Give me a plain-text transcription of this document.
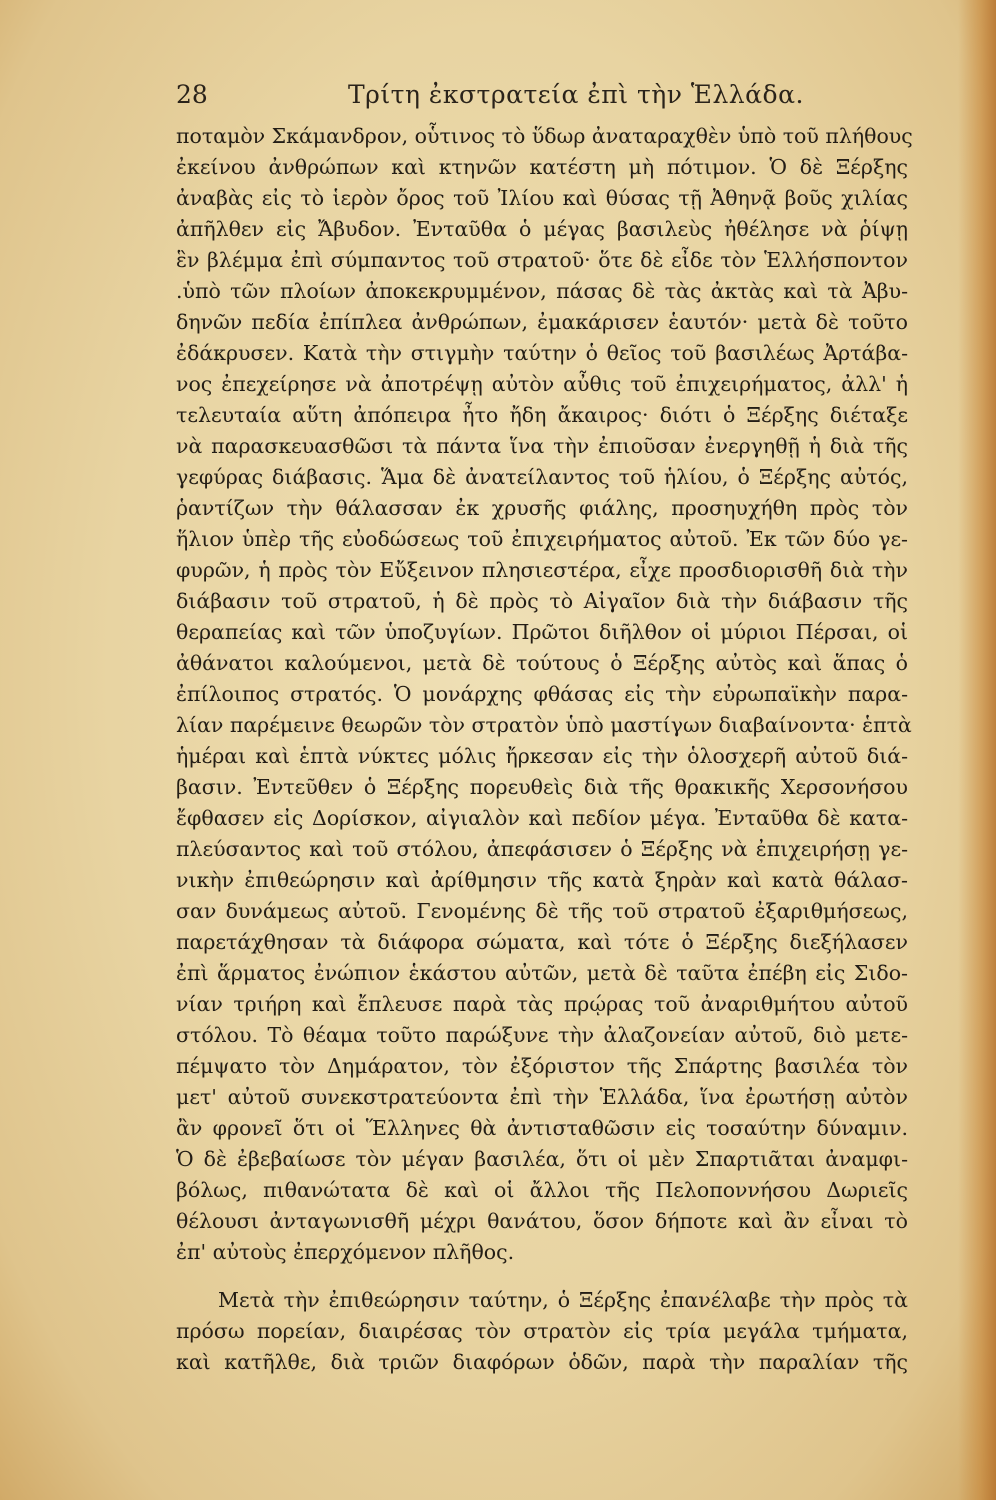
28	Τρίτη ἐκστρατεία ἐπὶ τὴν Ἑλλάδα.
ποταμὸν Σκάμανδρον, οὗτινος τὸ ὕδωρ ἀναταραχθὲν ὑπὸ τοῦ πλήθους
ἐκείνου ἀνθρώπων καὶ κτηνῶν κατέστη μὴ πότιμον. Ὁ δὲ Ξέρξης
ἀναβὰς εἰς τὸ ἱερὸν ὄρος τοῦ Ἰλίου καὶ θύσας τῇ Ἀθηνᾷ βοῦς χιλίας
ἀπῆλθεν εἰς Ἄβυδον. Ἐνταῦθα ὁ μέγας βασιλεὺς ἠθέλησε νὰ ῥίψῃ
ἓν βλέμμα ἐπὶ σύμπαντος τοῦ στρατοῦ· ὅτε δὲ εἶδε τὸν Ἑλλήσποντον
.ὑπὸ τῶν πλοίων ἀποκεκρυμμένον, πάσας δὲ τὰς ἀκτὰς καὶ τὰ Ἀβυ-
δηνῶν πεδία ἐπίπλεα ἀνθρώπων, ἐμακάρισεν ἑαυτόν· μετὰ δὲ τοῦτο
ἐδάκρυσεν. Κατὰ τὴν στιγμὴν ταύτην ὁ θεῖος τοῦ βασιλέως Ἀρτάβα-
νος ἐπεχείρησε νὰ ἀποτρέψῃ αὐτὸν αὖθις τοῦ ἐπιχειρήματος, ἀλλ' ἡ
τελευταία αὕτη ἀπόπειρα ἦτο ἤδη ἄκαιρος· διότι ὁ Ξέρξης διέταξε
νὰ παρασκευασθῶσι τὰ πάντα ἵνα τὴν ἐπιοῦσαν ἐνεργηθῇ ἡ διὰ τῆς
γεφύρας διάβασις. Ἅμα δὲ ἀνατείλαντος τοῦ ἡλίου, ὁ Ξέρξης αὐτός,
ῥαντίζων τὴν θάλασσαν ἐκ χρυσῆς φιάλης, προσηυχήθη πρὸς τὸν
ἥλιον ὑπὲρ τῆς εὐοδώσεως τοῦ ἐπιχειρήματος αὐτοῦ. Ἐκ τῶν δύο γε-
φυρῶν, ἡ πρὸς τὸν Εὔξεινον πλησιεστέρα, εἶχε προσδιορισθῆ διὰ τὴν
διάβασιν τοῦ στρατοῦ, ἡ δὲ πρὸς τὸ Αἰγαῖον διὰ τὴν διάβασιν τῆς
θεραπείας καὶ τῶν ὑποζυγίων. Πρῶτοι διῆλθον οἱ μύριοι Πέρσαι, οἱ
ἀθάνατοι καλούμενοι, μετὰ δὲ τούτους ὁ Ξέρξης αὐτὸς καὶ ἅπας ὁ
ἐπίλοιπος στρατός. Ὁ μονάρχης φθάσας εἰς τὴν εὐρωπαϊκὴν παρα-
λίαν παρέμεινε θεωρῶν τὸν στρατὸν ὑπὸ μαστίγων διαβαίνοντα· ἑπτὰ
ἡμέραι καὶ ἑπτὰ νύκτες μόλις ἤρκεσαν εἰς τὴν ὁλοσχερῆ αὐτοῦ διά-
βασιν. Ἐντεῦθεν ὁ Ξέρξης πορευθεὶς διὰ τῆς θρακικῆς Χερσονήσου
ἔφθασεν εἰς Δορίσκον, αἰγιαλὸν καὶ πεδίον μέγα. Ἐνταῦθα δὲ κατα-
πλεύσαντος καὶ τοῦ στόλου, ἀπεφάσισεν ὁ Ξέρξης νὰ ἐπιχειρήσῃ γε-
νικὴν ἐπιθεώρησιν καὶ ἀρίθμησιν τῆς κατὰ ξηρὰν καὶ κατὰ θάλασ-
σαν δυνάμεως αὐτοῦ. Γενομένης δὲ τῆς τοῦ στρατοῦ ἐξαριθμήσεως,
παρετάχθησαν τὰ διάφορα σώματα, καὶ τότε ὁ Ξέρξης διεξήλασεν
ἐπὶ ἅρματος ἐνώπιον ἑκάστου αὐτῶν, μετὰ δὲ ταῦτα ἐπέβη εἰς Σιδο-
νίαν τριήρη καὶ ἔπλευσε παρὰ τὰς πρῴρας τοῦ ἀναριθμήτου αὐτοῦ
στόλου. Τὸ θέαμα τοῦτο παρώξυνε τὴν ἀλαζονείαν αὐτοῦ, διὸ μετε-
πέμψατο τὸν Δημάρατον, τὸν ἐξόριστον τῆς Σπάρτης βασιλέα τὸν
μετ' αὐτοῦ συνεκστρατεύοντα ἐπὶ τὴν Ἑλλάδα, ἵνα ἐρωτήσῃ αὐτὸν
ἂν φρονεῖ ὅτι οἱ Ἕλληνες θὰ ἀντισταθῶσιν εἰς τοσαύτην δύναμιν.
Ὁ δὲ ἐβεβαίωσε τὸν μέγαν βασιλέα, ὅτι οἱ μὲν Σπαρτιᾶται ἀναμφι-
βόλως, πιθανώτατα δὲ καὶ οἱ ἄλλοι τῆς Πελοποννήσου Δωριεῖς
θέλουσι ἀνταγωνισθῆ μέχρι θανάτου, ὅσον δήποτε καὶ ἂν εἶναι τὸ
ἐπ' αὐτοὺς ἐπερχόμενον πλῆθος.
Μετὰ τὴν ἐπιθεώρησιν ταύτην, ὁ Ξέρξης ἐπανέλαβε τὴν πρὸς τὰ
πρόσω πορείαν, διαιρέσας τὸν στρατὸν εἰς τρία μεγάλα τμήματα,
καὶ κατῆλθε, διὰ τριῶν διαφόρων ὁδῶν, παρὰ τὴν παραλίαν τῆς
